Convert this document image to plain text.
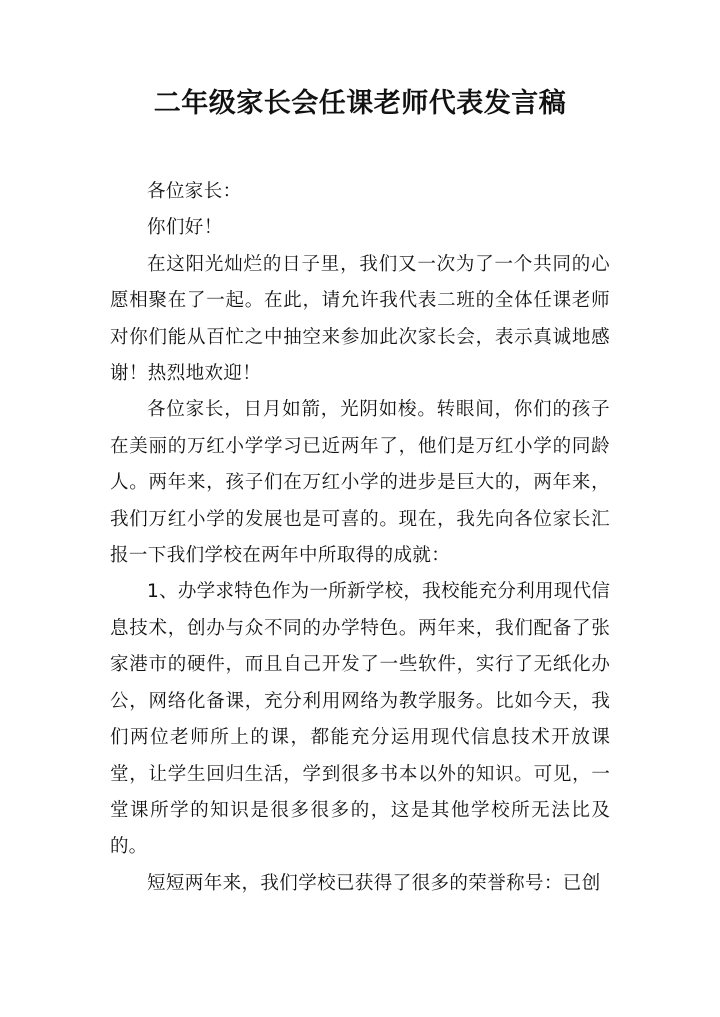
二年级家长会任课老师代表发言稿

各位家长：

你们好！

在这阳光灿烂的日子里，我们又一次为了一个共同的心愿相聚在了一起。在此，请允许我代表二班的全体任课老师对你们能从百忙之中抽空来参加此次家长会，表示真诚地感谢！热烈地欢迎！

各位家长，日月如箭，光阴如梭。转眼间，你们的孩子在美丽的万红小学学习已近两年了，他们是万红小学的同龄人。两年来，孩子们在万红小学的进步是巨大的，两年来，我们万红小学的发展也是可喜的。现在，我先向各位家长汇报一下我们学校在两年中所取得的成就：

1、办学求特色作为一所新学校，我校能充分利用现代信息技术，创办与众不同的办学特色。两年来，我们配备了张家港市的硬件，而且自己开发了一些软件，实行了无纸化办公，网络化备课，充分利用网络为教学服务。比如今天，我们两位老师所上的课，都能充分运用现代信息技术开放课堂，让学生回归生活，学到很多书本以外的知识。可见，一堂课所学的知识是很多很多的，这是其他学校所无法比及的。

短短两年来，我们学校已获得了很多的荣誉称号：已创
